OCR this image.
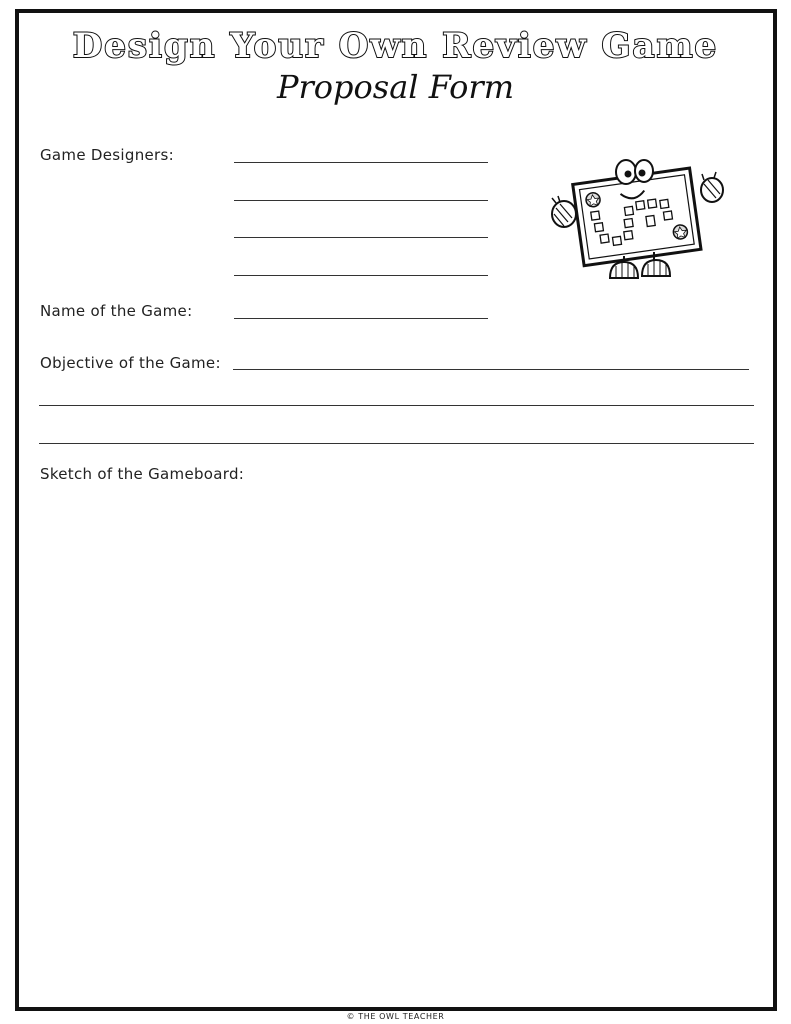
Design Your Own Review Game
Proposal Form
Game Designers:
Name of the Game:
Objective of the Game:
Sketch of the Gameboard:
© THE OWL TEACHER
